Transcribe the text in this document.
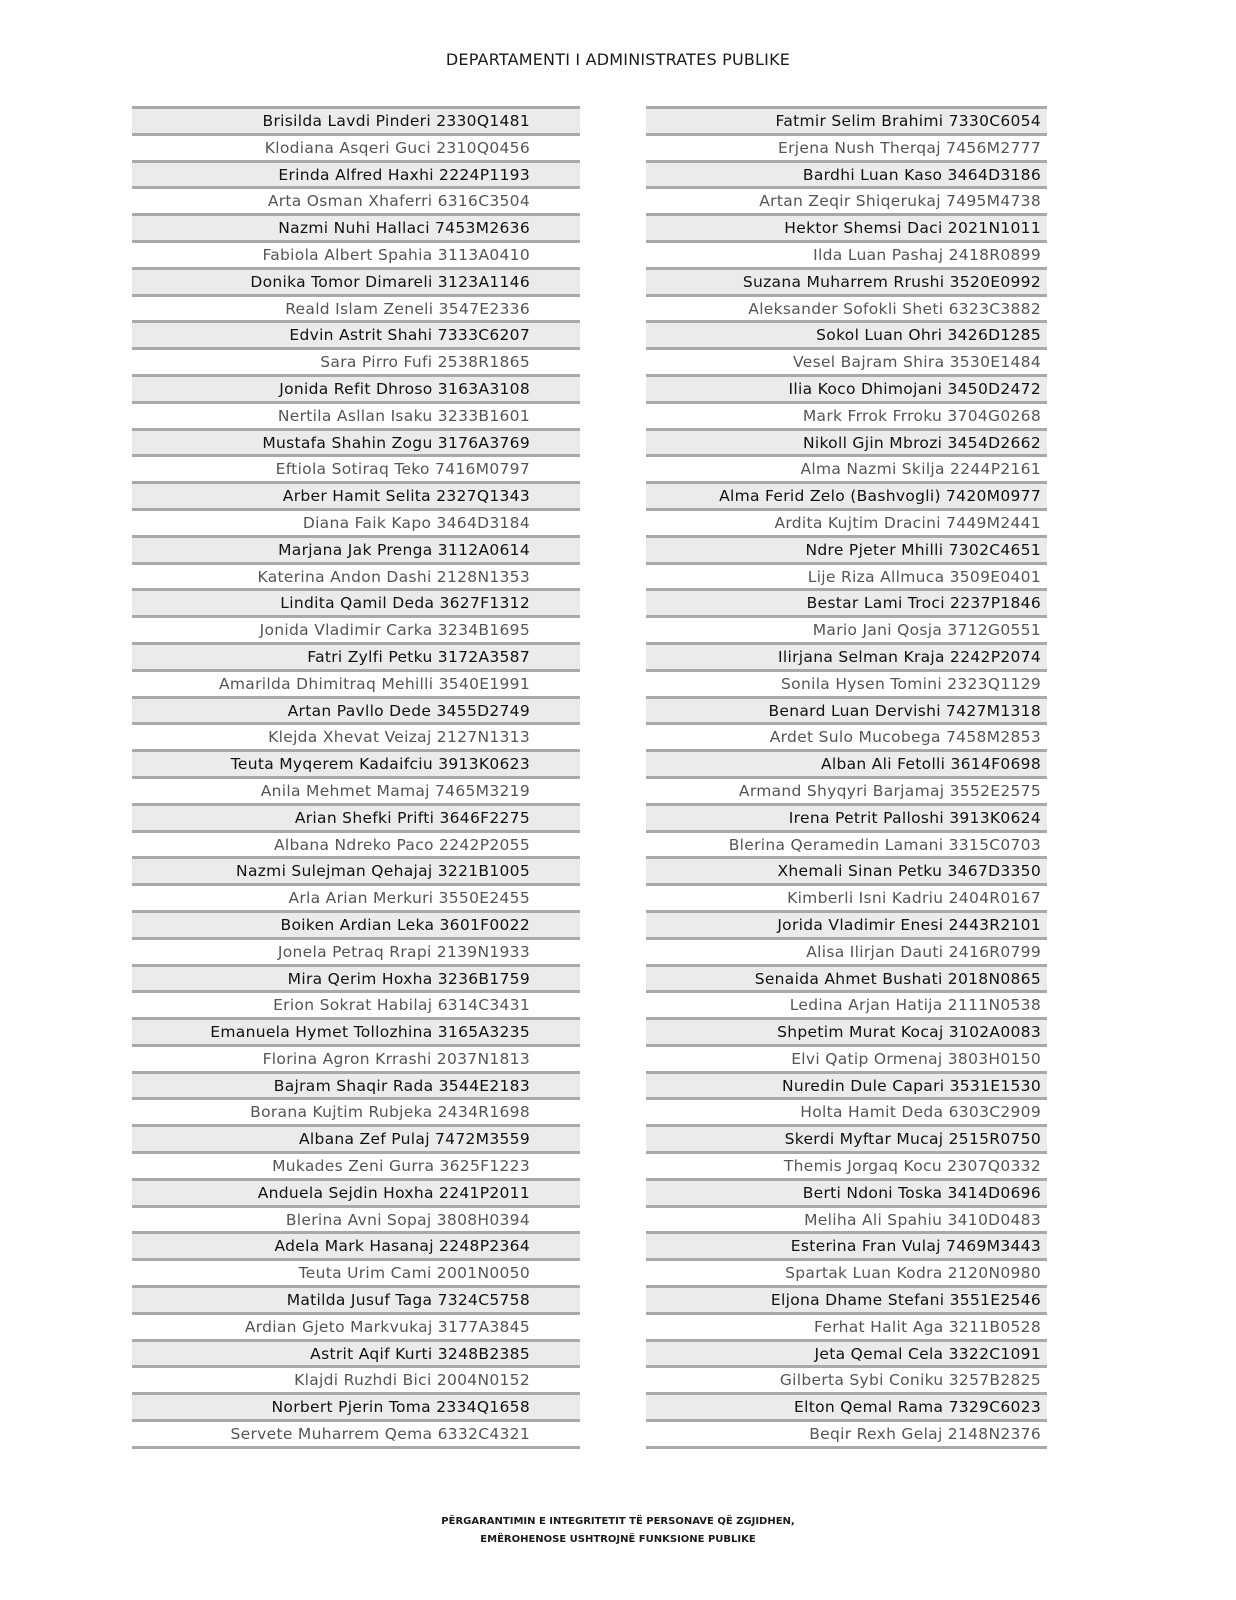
DEPARTAMENTI I ADMINISTRATES PUBLIKE
Brisilda Lavdi Pinderi 2330Q1481
Klodiana Asqeri Guci 2310Q0456
Erinda Alfred Haxhi 2224P1193
Arta Osman Xhaferri 6316C3504
Nazmi Nuhi Hallaci 7453M2636
Fabiola Albert Spahia 3113A0410
Donika Tomor Dimareli 3123A1146
Reald Islam Zeneli 3547E2336
Edvin Astrit Shahi 7333C6207
Sara Pirro Fufi 2538R1865
Jonida Refit Dhroso 3163A3108
Nertila Asllan Isaku 3233B1601
Mustafa Shahin Zogu 3176A3769
Eftiola Sotiraq Teko 7416M0797
Arber Hamit Selita 2327Q1343
Diana Faik Kapo 3464D3184
Marjana Jak Prenga 3112A0614
Katerina Andon Dashi 2128N1353
Lindita Qamil Deda 3627F1312
Jonida Vladimir Carka 3234B1695
Fatri Zylfi Petku 3172A3587
Amarilda Dhimitraq Mehilli 3540E1991
Artan Pavllo Dede 3455D2749
Klejda Xhevat Veizaj 2127N1313
Teuta Myqerem Kadaifciu 3913K0623
Anila Mehmet Mamaj 7465M3219
Arian Shefki Prifti 3646F2275
Albana Ndreko Paco 2242P2055
Nazmi Sulejman Qehajaj 3221B1005
Arla Arian Merkuri 3550E2455
Boiken Ardian Leka 3601F0022
Jonela Petraq Rrapi 2139N1933
Mira Qerim Hoxha 3236B1759
Erion Sokrat Habilaj 6314C3431
Emanuela Hymet Tollozhina 3165A3235
Florina Agron Krrashi 2037N1813
Bajram Shaqir Rada 3544E2183
Borana Kujtim Rubjeka 2434R1698
Albana Zef Pulaj 7472M3559
Mukades Zeni Gurra 3625F1223
Anduela Sejdin Hoxha 2241P2011
Blerina Avni Sopaj 3808H0394
Adela Mark Hasanaj 2248P2364
Teuta Urim Cami 2001N0050
Matilda Jusuf Taga 7324C5758
Ardian Gjeto Markvukaj 3177A3845
Astrit Aqif Kurti 3248B2385
Klajdi Ruzhdi Bici 2004N0152
Norbert Pjerin Toma 2334Q1658
Servete Muharrem Qema 6332C4321
Fatmir Selim Brahimi 7330C6054
Erjena Nush Therqaj 7456M2777
Bardhi Luan Kaso 3464D3186
Artan Zeqir Shiqerukaj 7495M4738
Hektor Shemsi Daci 2021N1011
Ilda Luan Pashaj 2418R0899
Suzana Muharrem Rrushi 3520E0992
Aleksander Sofokli Sheti 6323C3882
Sokol Luan Ohri 3426D1285
Vesel Bajram Shira 3530E1484
Ilia Koco Dhimojani 3450D2472
Mark Frrok Frroku 3704G0268
Nikoll Gjin Mbrozi 3454D2662
Alma Nazmi Skilja 2244P2161
Alma Ferid Zelo (Bashvogli) 7420M0977
Ardita Kujtim Dracini 7449M2441
Ndre Pjeter Mhilli 7302C4651
Lije Riza Allmuca 3509E0401
Bestar Lami Troci 2237P1846
Mario Jani Qosja 3712G0551
Ilirjana Selman Kraja 2242P2074
Sonila Hysen Tomini 2323Q1129
Benard Luan Dervishi 7427M1318
Ardet Sulo Mucobega 7458M2853
Alban Ali Fetolli 3614F0698
Armand Shyqyri Barjamaj 3552E2575
Irena Petrit Palloshi 3913K0624
Blerina Qeramedin Lamani 3315C0703
Xhemali Sinan Petku 3467D3350
Kimberli Isni Kadriu 2404R0167
Jorida Vladimir Enesi 2443R2101
Alisa Ilirjan Dauti 2416R0799
Senaida Ahmet Bushati 2018N0865
Ledina Arjan Hatija 2111N0538
Shpetim Murat Kocaj 3102A0083
Elvi Qatip Ormenaj 3803H0150
Nuredin Dule Capari 3531E1530
Holta Hamit Deda 6303C2909
Skerdi Myftar Mucaj 2515R0750
Themis Jorgaq Kocu 2307Q0332
Berti Ndoni Toska 3414D0696
Meliha Ali Spahiu 3410D0483
Esterina Fran Vulaj 7469M3443
Spartak Luan Kodra 2120N0980
Eljona Dhame Stefani 3551E2546
Ferhat Halit Aga 3211B0528
Jeta Qemal Cela 3322C1091
Gilberta Sybi Coniku 3257B2825
Elton Qemal Rama 7329C6023
Beqir Rexh Gelaj 2148N2376
PËRGARANTIMIN E INTEGRITETIT TË PERSONAVE QË ZGJIDHEN,
EMËROHENOSE USHTROJNË FUNKSIONE PUBLIKE
